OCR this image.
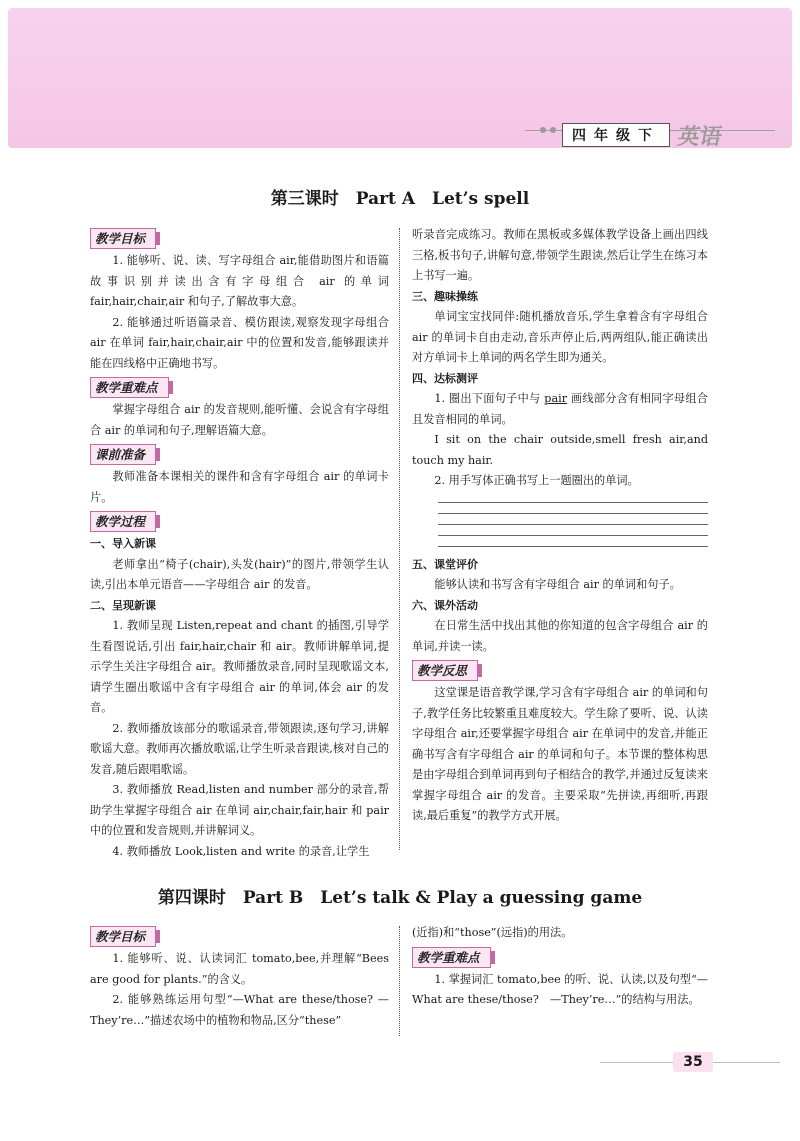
四年级下 英语
第三课时　Part A　Let’s spell
教学目标

1. 能够听、说、读、写字母组合 air,能借助图片和语篇故事识别并读出含有字母组合 air 的单词 fair,hair,chair,air 和句子,了解故事大意。

2. 能够通过听语篇录音、模仿跟读,观察发现字母组合 air 在单词 fair,hair,chair,air 中的位置和发音,能够跟读并能在四线格中正确地书写。

教学重难点

掌握字母组合 air 的发音规则,能听懂、会说含有字母组合 air 的单词和句子,理解语篇大意。

课前准备

教师准备本课相关的课件和含有字母组合 air 的单词卡片。

教学过程

一、导入新课

老师拿出“椅子(chair),头发(hair)”的图片,带领学生认读,引出本单元语音——字母组合 air 的发音。

二、呈现新课

1. 教师呈现 Listen,repeat and chant 的插图,引导学生看图说话,引出 fair,hair,chair 和 air。教师讲解单词,提示学生关注字母组合 air。教师播放录音,同时呈现歌谣文本,请学生圈出歌谣中含有字母组合 air 的单词,体会 air 的发音。

2. 教师播放该部分的歌谣录音,带领跟读,逐句学习,讲解歌谣大意。教师再次播放歌谣,让学生听录音跟读,核对自己的发音,随后跟唱歌谣。

3. 教师播放 Read,listen and number 部分的录音,帮助学生掌握字母组合 air 在单词 air,chair,fair,hair 和 pair 中的位置和发音规则,并讲解词义。

4. 教师播放 Look,listen and write 的录音,让学生

听录音完成练习。教师在黑板或多媒体教学设备上画出四线三格,板书句子,讲解句意,带领学生跟读,然后让学生在练习本上书写一遍。

三、趣味操练

单词宝宝找同伴:随机播放音乐,学生拿着含有字母组合 air 的单词卡自由走动,音乐声停止后,两两组队,能正确读出对方单词卡上单词的两名学生即为通关。

四、达标测评

1. 圈出下面句子中与 pair 画线部分含有相同字母组合且发音相同的单词。

I sit on the chair outside,smell fresh air,and touch my hair.

2. 用手写体正确书写上一题圈出的单词。

五、课堂评价

能够认读和书写含有字母组合 air 的单词和句子。

六、课外活动

在日常生活中找出其他的你知道的包含字母组合 air 的单词,并读一读。

教学反思

这堂课是语音教学课,学习含有字母组合 air 的单词和句子,教学任务比较繁重且难度较大。学生除了要听、说、认读字母组合 air,还要掌握字母组合 air 在单词中的发音,并能正确书写含有字母组合 air 的单词和句子。本节课的整体构思是由字母组合到单词再到句子相结合的教学,并通过反复读来掌握字母组合 air 的发音。主要采取“先拼读,再细听,再跟读,最后重复”的教学方式开展。

第四课时　Part B　Let’s talk & Play a guessing game
教学目标

1. 能够听、说、认读词汇 tomato,bee,并理解“Bees are good for plants.”的含义。

2. 能够熟练运用句型“—What are these/those? —They’re…”描述农场中的植物和物品,区分“these”

(近指)和“those”(远指)的用法。

教学重难点

1. 掌握词汇 tomato,bee 的听、说、认读,以及句型“—What are these/those?　—They’re…”的结构与用法。

35
